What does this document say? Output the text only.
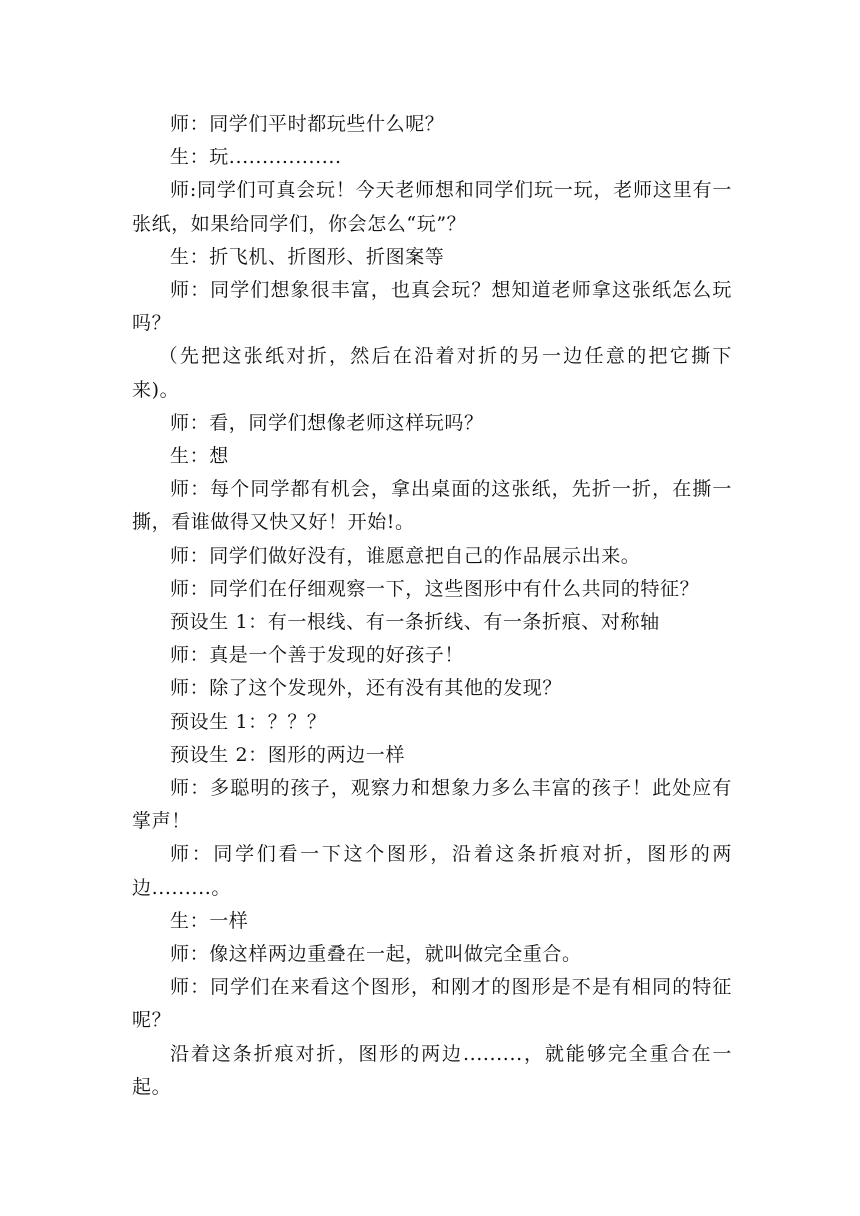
师：同学们平时都玩些什么呢？

生：玩.................

师:同学们可真会玩！今天老师想和同学们玩一玩，老师这里有一张纸，如果给同学们，你会怎么“玩”？

生：折飞机、折图形、折图案等

师：同学们想象很丰富，也真会玩？想知道老师拿这张纸怎么玩吗？

（先把这张纸对折，然后在沿着对折的另一边任意的把它撕下来)。

师：看，同学们想像老师这样玩吗？

生：想

师：每个同学都有机会，拿出桌面的这张纸，先折一折，在撕一撕，看谁做得又快又好！开始!。

师：同学们做好没有，谁愿意把自己的作品展示出来。

师：同学们在仔细观察一下，这些图形中有什么共同的特征？

预设生 1：有一根线、有一条折线、有一条折痕、对称轴

师：真是一个善于发现的好孩子！

师：除了这个发现外，还有没有其他的发现？

预设生 1：？？？

预设生 2：图形的两边一样

师：多聪明的孩子，观察力和想象力多么丰富的孩子！此处应有掌声！

师：同学们看一下这个图形，沿着这条折痕对折，图形的两边.........。

生：一样

师：像这样两边重叠在一起，就叫做完全重合。

师：同学们在来看这个图形，和刚才的图形是不是有相同的特征呢？

沿着这条折痕对折，图形的两边.........，就能够完全重合在一起。
